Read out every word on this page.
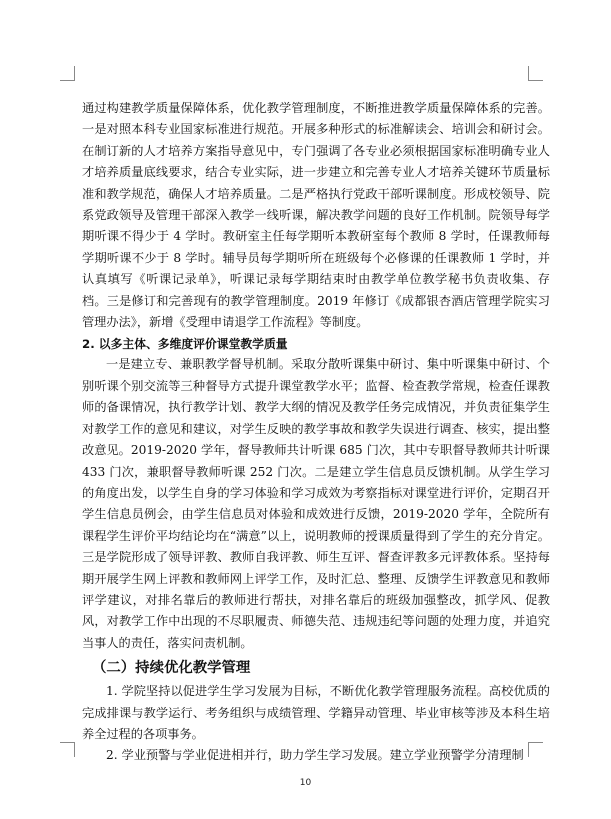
通过构建教学质量保障体系，优化教学管理制度，不断推进教学质量保障体系的完善。一是对照本科专业国家标准进行规范。开展多种形式的标准解读会、培训会和研讨会。在制订新的人才培养方案指导意见中，专门强调了各专业必须根据国家标准明确专业人才培养质量底线要求，结合专业实际，进一步建立和完善专业人才培养关键环节质量标准和教学规范，确保人才培养质量。二是严格执行党政干部听课制度。形成校领导、院系党政领导及管理干部深入教学一线听课，解决教学问题的良好工作机制。院领导每学期听课不得少于 4 学时。教研室主任每学期听本教研室每个教师 8 学时，任课教师每学期听课不少于 8 学时。辅导员每学期听所在班级每个必修课的任课教师 1 学时，并认真填写《听课记录单》，听课记录每学期结束时由教学单位教学秘书负责收集、存档。三是修订和完善现有的教学管理制度。2019 年修订《成都银杏酒店管理学院实习管理办法》，新增《受理申请退学工作流程》等制度。

2. 以多主体、多维度评价课堂教学质量

一是建立专、兼职教学督导机制。采取分散听课集中研讨、集中听课集中研讨、个别听课个别交流等三种督导方式提升课堂教学水平；监督、检查教学常规，检查任课教师的备课情况，执行教学计划、教学大纲的情况及教学任务完成情况，并负责征集学生对教学工作的意见和建议，对学生反映的教学事故和教学失误进行调查、核实，提出整改意见。2019-2020 学年，督导教师共计听课 685 门次，其中专职督导教师共计听课 433 门次，兼职督导教师听课 252 门次。二是建立学生信息员反馈机制。从学生学习的角度出发，以学生自身的学习体验和学习成效为考察指标对课堂进行评价，定期召开学生信息员例会，由学生信息员对体验和成效进行反馈，2019-2020 学年，全院所有课程学生评价平均结论均在“满意”以上，说明教师的授课质量得到了学生的充分肯定。三是学院形成了领导评教、教师自我评教、师生互评、督查评教多元评教体系。坚持每期开展学生网上评教和教师网上评学工作，及时汇总、整理、反馈学生评教意见和教师评学建议，对排名靠后的教师进行帮扶，对排名靠后的班级加强整改，抓学风、促教风，对教学工作中出现的不尽职履责、师德失范、违规违纪等问题的处理力度，并追究当事人的责任，落实问责机制。

（二）持续优化教学管理

1. 学院坚持以促进学生学习发展为目标，不断优化教学管理服务流程。高校优质的完成排课与教学运行、考务组织与成绩管理、学籍异动管理、毕业审核等涉及本科生培养全过程的各项事务。

2. 学业预警与学业促进相并行，助力学生学习发展。建立学业预警学分清理制

10
